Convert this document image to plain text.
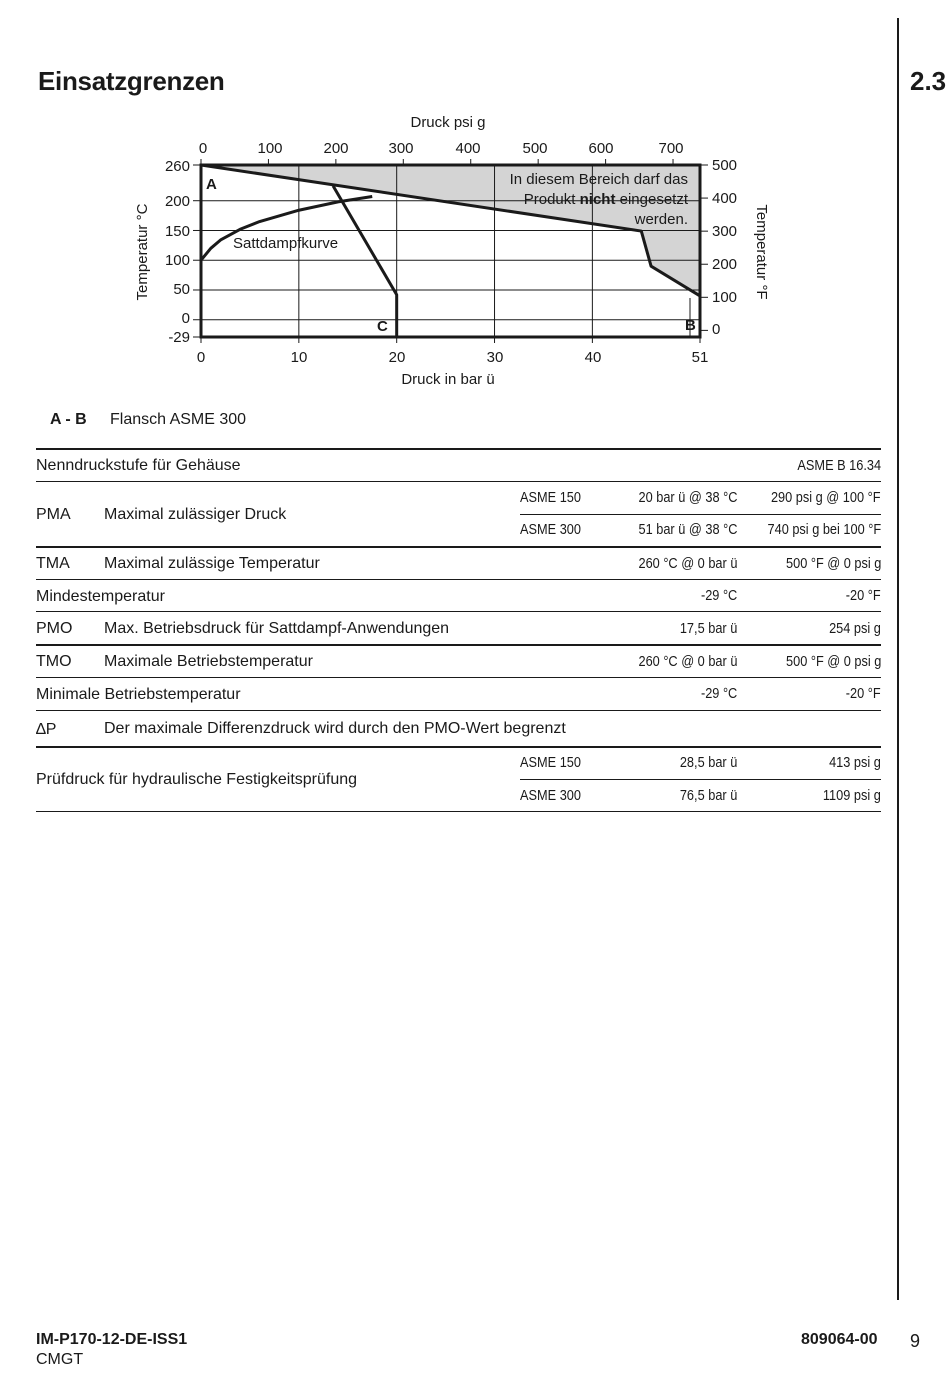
Einsatzgrenzen	2.3
0	100	200	300	400	500	600	700
Druck psi g
0	10	20	30	40	51
Druck in bar ü
260
200
150
100
50
0
-29
500
400
300
200
100
0
Temperatur °C	Temperatur °F
A
B
C
Sattdampfkurve
In diesem Bereich darf das
Produkt nicht eingesetzt
werden.
A - B Flansch ASME 300
Nenndruckstufe für Gehäuse	ASME B 16.34
PMA Maximal zulässiger Druck
ASME 150	20 bar ü @ 38 °C 290 psi g @ 100 °F
ASME 300	51 bar ü @ 38 °C 740 psi g bei 100 °F
TMA Maximal zulässige Temperatur	260 °C @ 0 bar ü	500 °F @ 0 psi g
Mindestemperatur	-29 °C	-20 °F
PMO Max. Betriebsdruck für Sattdampf-Anwendungen	17,5 bar ü	254 psi g
TMO Maximale Betriebstemperatur	260 °C @ 0 bar ü	500 °F @ 0 psi g
Minimale Betriebstemperatur	-29 °C	-20 °F
∆P	Der maximale Differenzdruck wird durch den PMO-Wert begrenzt
Prüfdruck für hydraulische Festigkeitsprüfung
ASME 150	28,5 bar ü	413 psi g
ASME 300	76,5 bar ü	1109 psi g
IM-P170-12-DE-ISS1
CMGT
809064-00 9
